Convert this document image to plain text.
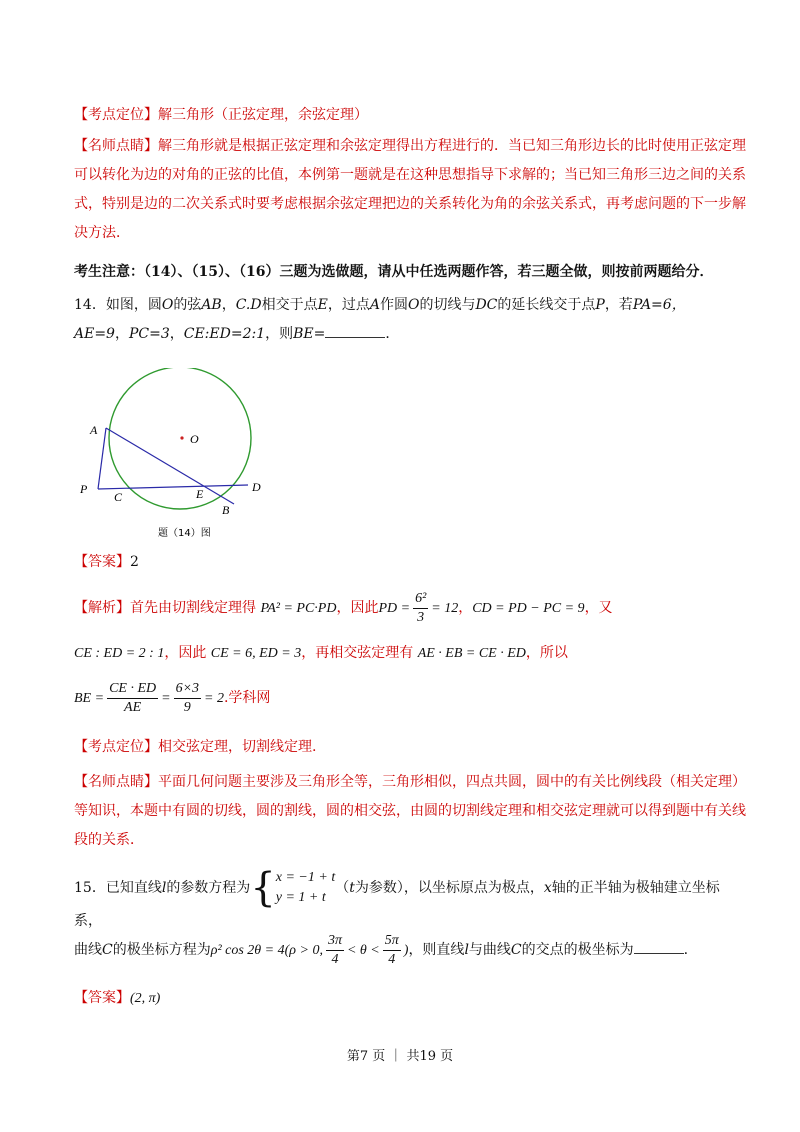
【考点定位】解三角形（正弦定理，余弦定理）
【名师点睛】解三角形就是根据正弦定理和余弦定理得出方程进行的．当已知三角形边长的比时使用正弦定理可以转化为边的对角的正弦的比值，本例第一题就是在这种思想指导下求解的；当已知三角形三边之间的关系式，特别是边的二次关系式时要考虑根据余弦定理把边的关系转化为角的余弦关系式，再考虑问题的下一步解决方法．
考生注意：（14）、（15）、（16）三题为选做题，请从中任选两题作答，若三题全做，则按前两题给分．
14．如图，圆O的弦AB，C.D相交于点E，过点A作圆O的切线与DC的延长线交于点P，若PA=6，
AE=9，PC=3，CE:ED=2:1，则BE=	．
A
O
P
C	E	D
B
题（14）图
【答案】2
【解析】首先由切割线定理得 PA² = PC·PD，因此PD = $\frac{\text{6²}}{3} = 12$，CD = PD − PC = 9，又
CE : ED = 2 : 1，因此 CE = 6, ED = 3，再相交弦定理有 AE · EB = CE · ED，所以
BE = $\frac{CE \cdot ED}{AE} = \frac{6\times 3}{9} = 2$.学科网
【考点定位】相交弦定理，切割线定理.
【名师点睛】平面几何问题主要涉及三角形全等，三角形相似，四点共圆，圆中的有关比例线段（相关定理）等知识，本题中有圆的切线，圆的割线，圆的相交弦，由圆的切割线定理和相交弦定理就可以得到题中有关线段的关系．
15．已知直线l的参数方程为{x = −1 + t
y = 1 + t（t为参数），以坐标原点为极点，x轴的正半轴为极轴建立坐标系，
曲线C的极坐标方程为ρ² cos 2θ = 4(ρ > 0, $\frac{3\pi}{4} < \theta < \frac{5\pi}{4}$ )，则直线l与曲线C的交点的极坐标为	.
【答案】(2, π)
第7 页 ｜ 共19 页
